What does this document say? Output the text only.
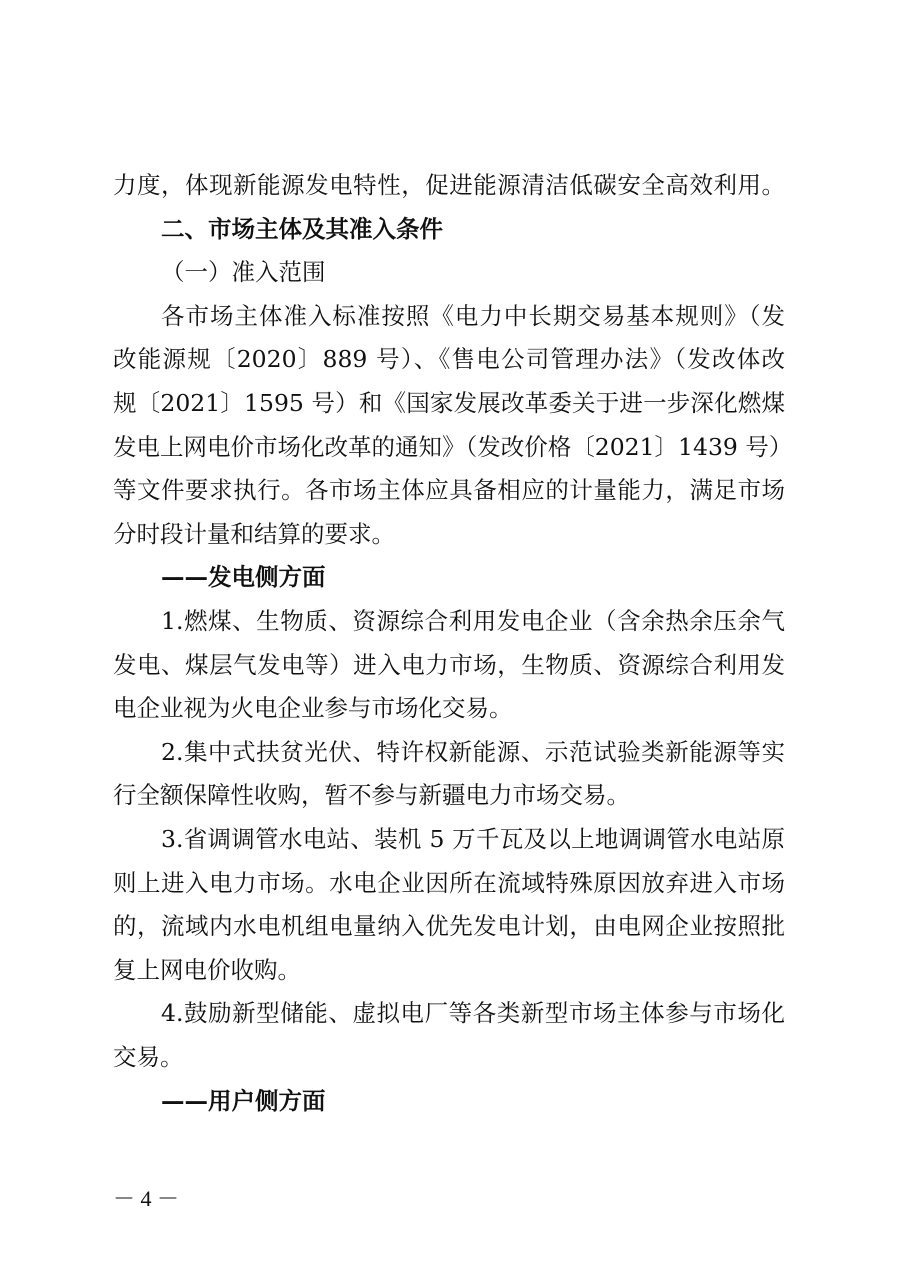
力度，体现新能源发电特性，促进能源清洁低碳安全高效利用。
二、市场主体及其准入条件
（一）准入范围
各市场主体准入标准按照《电力中长期交易基本规则》（发
改能源规〔2020〕889 号）、《售电公司管理办法》（发改体改
规〔2021〕1595 号）和《国家发展改革委关于进一步深化燃煤
发电上网电价市场化改革的通知》（发改价格〔2021〕1439 号）
等文件要求执行。各市场主体应具备相应的计量能力，满足市场
分时段计量和结算的要求。
——发电侧方面
1.燃煤、生物质、资源综合利用发电企业（含余热余压余气
发电、煤层气发电等）进入电力市场，生物质、资源综合利用发
电企业视为火电企业参与市场化交易。
2.集中式扶贫光伏、特许权新能源、示范试验类新能源等实
行全额保障性收购，暂不参与新疆电力市场交易。
3.省调调管水电站、装机 5 万千瓦及以上地调调管水电站原
则上进入电力市场。水电企业因所在流域特殊原因放弃进入市场
的，流域内水电机组电量纳入优先发电计划，由电网企业按照批
复上网电价收购。
4.鼓励新型储能、虚拟电厂等各类新型市场主体参与市场化
交易。
——用户侧方面
－ 4 －
